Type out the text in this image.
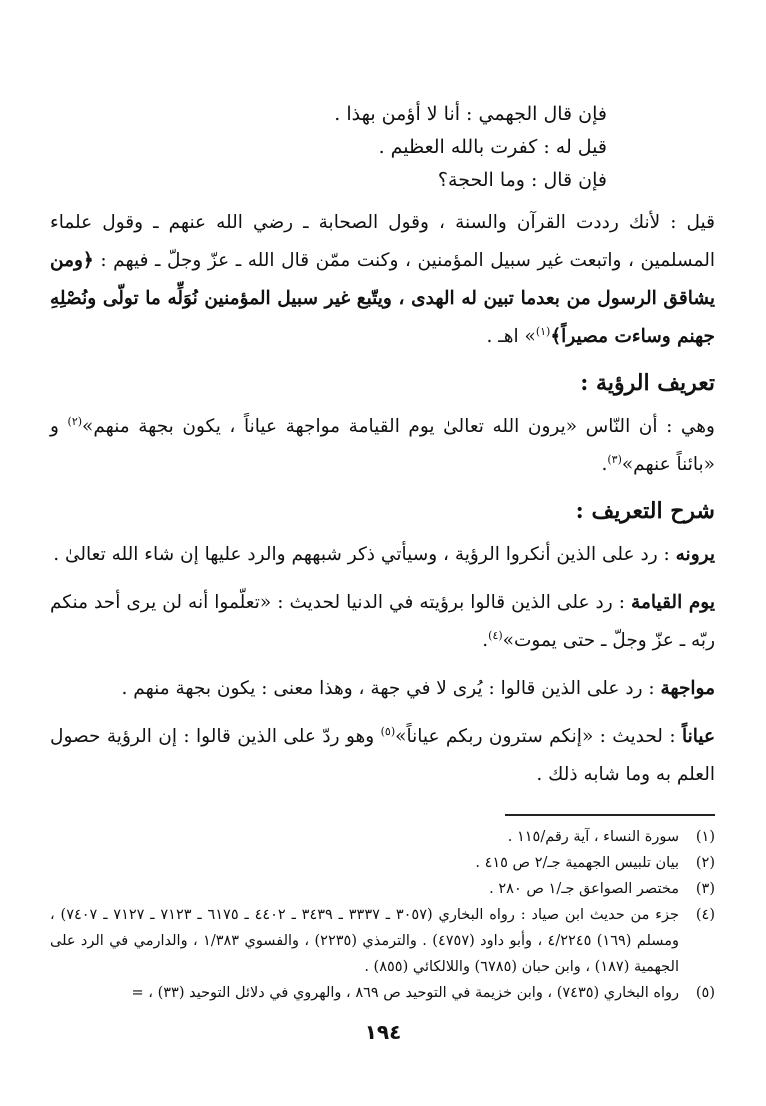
فإن قال الجهمي : أنا لا أؤمن بهذا .
قيل له : كفرت بالله العظيم .
فإن قال : وما الحجة؟
قيل : لأنك رددت القرآن والسنة ، وقول الصحابة ـ رضي الله عنهم ـ وقول علماء المسلمين ، واتبعت غير سبيل المؤمنين ، وكنت ممّن قال الله ـ عزّ وجلّ ـ فيهم : ﴿ومن يشاقق الرسول من بعدما تبين له الهدى ، ويتّبع غير سبيل المؤمنين نُوَلِّه ما تولّى ونُصْلِهِ جهنم وساءت مصيراً﴾$^{(١)}$» اهـ .
تعريف الرؤية :
وهي : أن النّاس «يرون الله تعالىٰ يوم القيامة مواجهة عياناً ، يكون بجهة منهم»$^{(٢)}$ و «بائناً عنهم»$^{(٣)}$.
شرح التعريف :
يرونه : رد على الذين أنكروا الرؤية ، وسيأتي ذكر شبههم والرد عليها إن شاء الله تعالىٰ .
يوم القيامة : رد على الذين قالوا برؤيته في الدنيا لحديث : «تعلّموا أنه لن يرى أحد منكم ربّه ـ عزّ وجلّ ـ حتى يموت»$^{(٤)}$.
مواجهة : رد على الذين قالوا : يُرى لا في جهة ، وهذا معنى : يكون بجهة منهم .
عياناً : لحديث : «إنكم سترون ربكم عياناً»$^{(٥)}$ وهو ردّ على الذين قالوا : إن الرؤية حصول العلم به وما شابه ذلك .
(١)
سورة النساء ، آية رقم/١١٥ .
(٢)
بيان تلبيس الجهمية جـ/٢ ص ٤١٥ .
(٣)
مختصر الصواعق جـ/١ ص ٢٨٠ .
(٤)
جزء من حديث ابن صياد : رواه البخاري (٣٠٥٧ ـ ٣٣٣٧ ـ ٣٤٣٩ ـ ٤٤٠٢ ـ ٦١٧٥ ـ ٧١٢٣ ـ ٧١٢٧ ـ ٧٤٠٧) ، ومسلم (١٦٩) ٤/٢٢٤٥ ، وأبو داود (٤٧٥٧) . والترمذي (٢٢٣٥) ، والفسوي ١/٣٨٣ ، والدارمي في الرد على الجهمية (١٨٧) ، وابن حبان (٦٧٨٥) واللالكائي (٨٥٥) .
(٥)
رواه البخاري (٧٤٣٥) ، وابن خزيمة في التوحيد ص ٨٦٩ ، والهروي في دلائل التوحيد (٣٣) ، =
١٩٤
